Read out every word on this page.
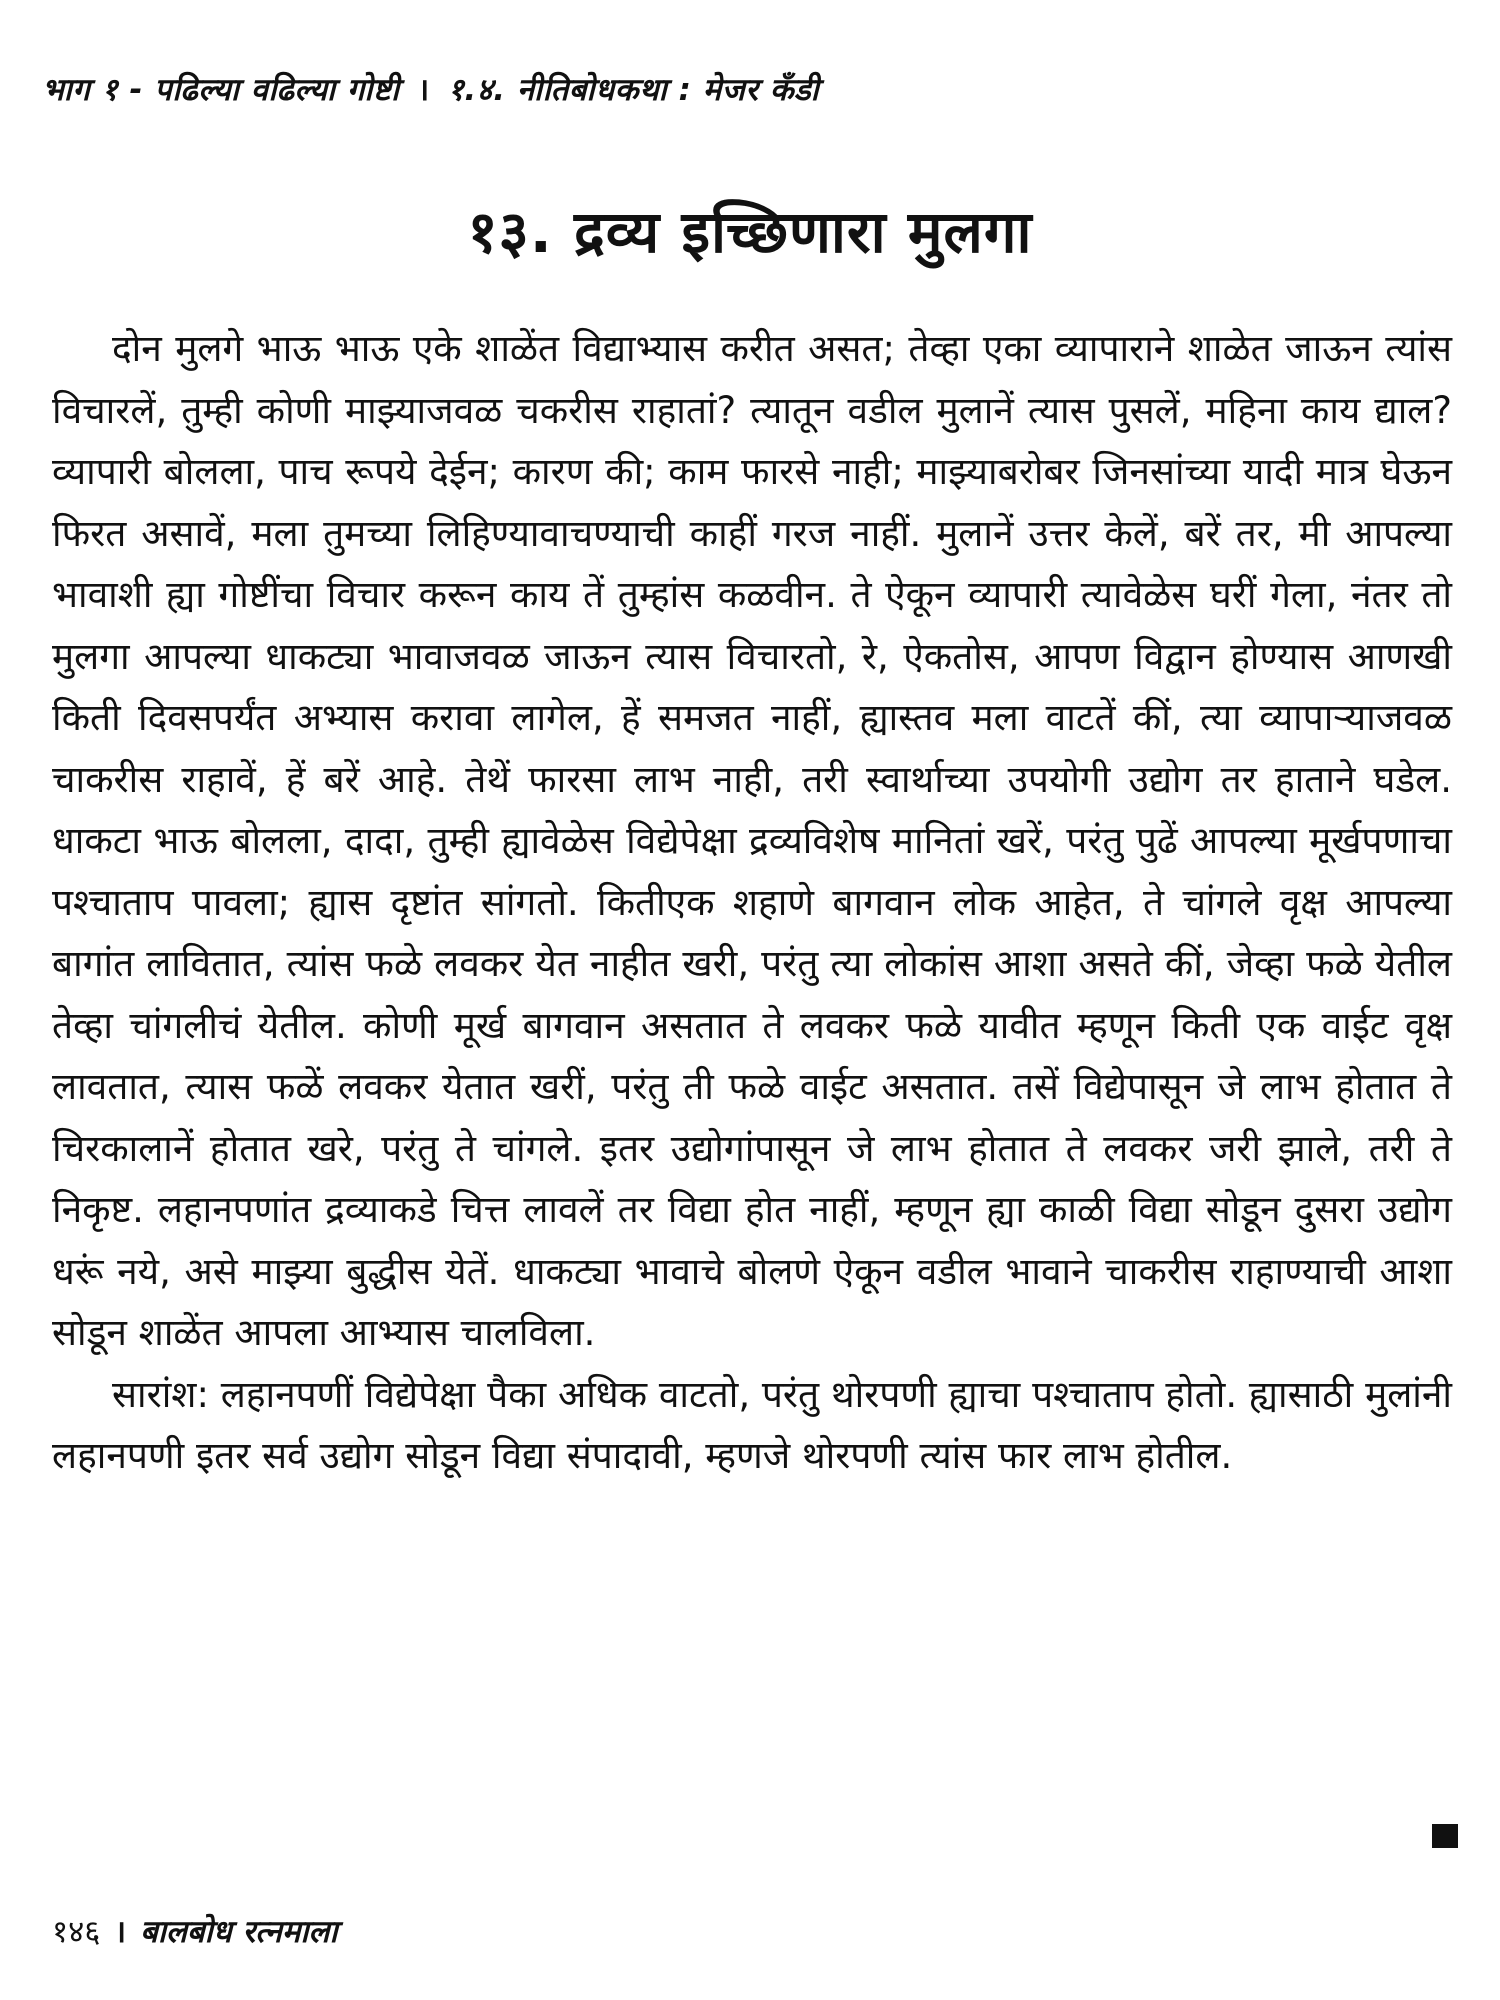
भाग १ - पढिल्या वढिल्या गोष्टी । १.४. नीतिबोधकथा : मेजर कँडी
१३. द्रव्य इच्छिणारा मुलगा

दोन मुलगे भाऊ भाऊ एके शाळेंत विद्याभ्यास करीत असत; तेव्हा एका व्यापाराने शाळेत जाऊन त्यांस विचारलें, तुम्ही कोणी माझ्याजवळ चकरीस राहातां? त्यातून वडील मुलानें त्यास पुसलें, महिना काय द्याल? व्यापारी बोलला, पाच रूपये देईन; कारण की; काम फारसे नाही; माझ्याबरोबर जिनसांच्या यादी मात्र घेऊन फिरत असावें, मला तुमच्या लिहिण्यावाचण्याची काहीं गरज नाहीं. मुलानें उत्तर केलें, बरें तर, मी आपल्या भावाशी ह्या गोष्टींचा विचार करून काय तें तुम्हांस कळवीन. ते ऐकून व्यापारी त्यावेळेस घरीं गेला, नंतर तो मुलगा आपल्या धाकट्या भावाजवळ जाऊन त्यास विचारतो, रे, ऐकतोस, आपण विद्वान होण्यास आणखी किती दिवसपर्यंत अभ्यास करावा लागेल, हें समजत नाहीं, ह्यास्तव मला वाटतें कीं, त्या व्यापाऱ्याजवळ चाकरीस राहावें, हें बरें आहे. तेथें फारसा लाभ नाही, तरी स्वार्थाच्या उपयोगी उद्योग तर हाताने घडेल. धाकटा भाऊ बोलला, दादा, तुम्ही ह्यावेळेस विद्येपेक्षा द्रव्यविशेष मानितां खरें, परंतु पुढें आपल्या मूर्खपणाचा पश्चाताप पावला; ह्यास दृष्टांत सांगतो. कितीएक शहाणे बागवान लोक आहेत, ते चांगले वृक्ष आपल्या बागांत लावितात, त्यांस फळे लवकर येत नाहीत खरी, परंतु त्या लोकांस आशा असते कीं, जेव्हा फळे येतील तेव्हा चांगलीचं येतील. कोणी मूर्ख बागवान असतात ते लवकर फळे यावीत म्हणून किती एक वाईट वृक्ष लावतात, त्यास फळें लवकर येतात खरीं, परंतु ती फळे वाईट असतात. तसें विद्येपासून जे लाभ होतात ते चिरकालानें होतात खरे, परंतु ते चांगले. इतर उद्योगांपासून जे लाभ होतात ते लवकर जरी झाले, तरी ते निकृष्ट. लहानपणांत द्रव्याकडे चित्त लावलें तर विद्या होत नाहीं, म्हणून ह्या काळी विद्या सोडून दुसरा उद्योग धरूं नये, असे माझ्या बुद्धीस येतें. धाकट्या भावाचे बोलणे ऐकून वडील भावाने चाकरीस राहाण्याची आशा सोडून शाळेंत आपला आभ्यास चालविला.

सारांश: लहानपणीं विद्येपेक्षा पैका अधिक वाटतो, परंतु थोरपणी ह्याचा पश्चाताप होतो. ह्यासाठी मुलांनी लहानपणी इतर सर्व उद्योग सोडून विद्या संपादावी, म्हणजे थोरपणी त्यांस फार लाभ होतील.

१४६ । बालबोध रत्नमाला
